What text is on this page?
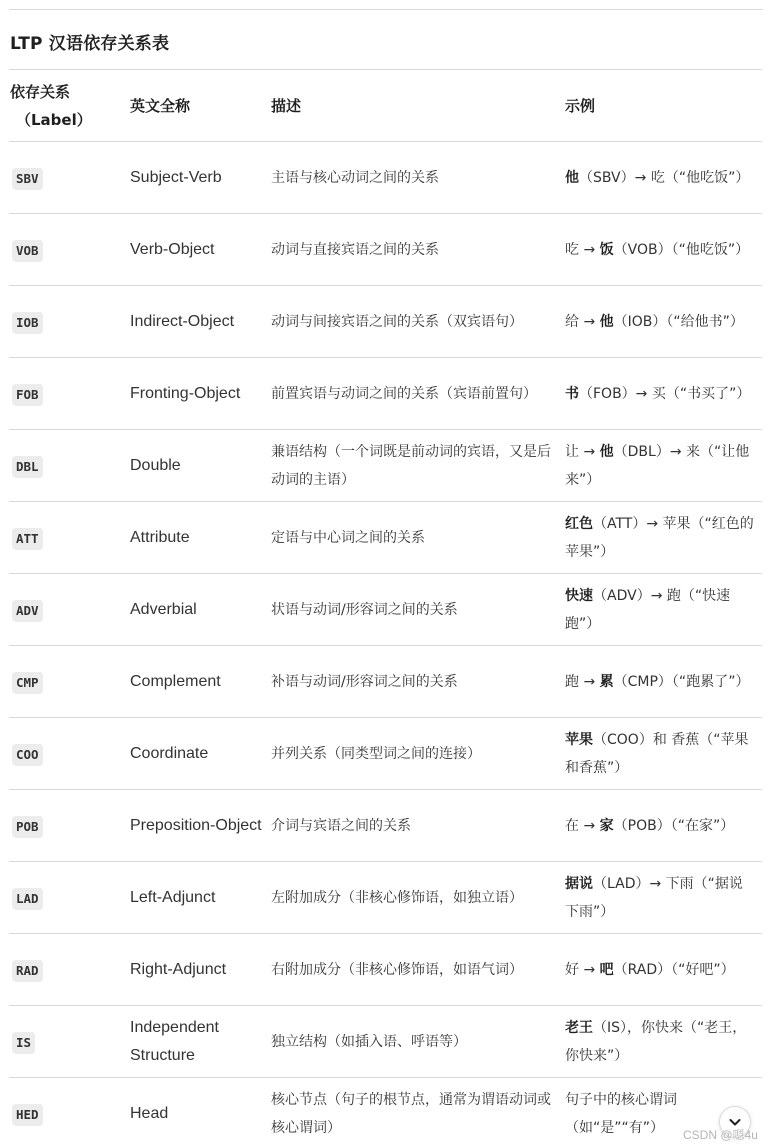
LTP 汉语依存关系表
依存关系
（Label）	英文全称	描述	示例
SBV	Subject-Verb	主语与核心动词之间的关系	他（SBV）→ 吃（“他吃饭”）
VOB	Verb-Object	动词与直接宾语之间的关系	吃 → 饭（VOB）（“他吃饭”）
IOB	Indirect-Object	动词与间接宾语之间的关系（双宾语句）	给 → 他（IOB）（“给他书”）
FOB	Fronting-Object	前置宾语与动词之间的关系（宾语前置句）	书（FOB）→ 买（“书买了”）
DBL	Double	兼语结构（一个词既是前动词的宾语，又是后动词的主语）	让 → 他（DBL）→ 来（“让他来”）
ATT	Attribute	定语与中心词之间的关系	红色（ATT）→ 苹果（“红色的苹果”）
ADV	Adverbial	状语与动词/形容词之间的关系	快速（ADV）→ 跑（“快速跑”）
CMP	Complement	补语与动词/形容词之间的关系	跑 → 累（CMP）（“跑累了”）
COO	Coordinate	并列关系（同类型词之间的连接）	苹果（COO）和 香蕉（“苹果和香蕉”）
POB	Preposition-Object	介词与宾语之间的关系	在 → 家（POB）（“在家”）
LAD	Left-Adjunct	左附加成分（非核心修饰语，如独立语）	据说（LAD）→ 下雨（“据说下雨”）
RAD	Right-Adjunct	右附加成分（非核心修饰语，如语气词）	好 → 吧（RAD）（“好吧”）
IS	Independent Structure	独立结构（如插入语、呼语等）	老王（IS），你快来（“老王，你快来”）
HED	Head	核心节点（句子的根节点，通常为谓语动词或核心谓词）	句子中的核心谓词（如“是”“有”） CSDN @嗯4u
